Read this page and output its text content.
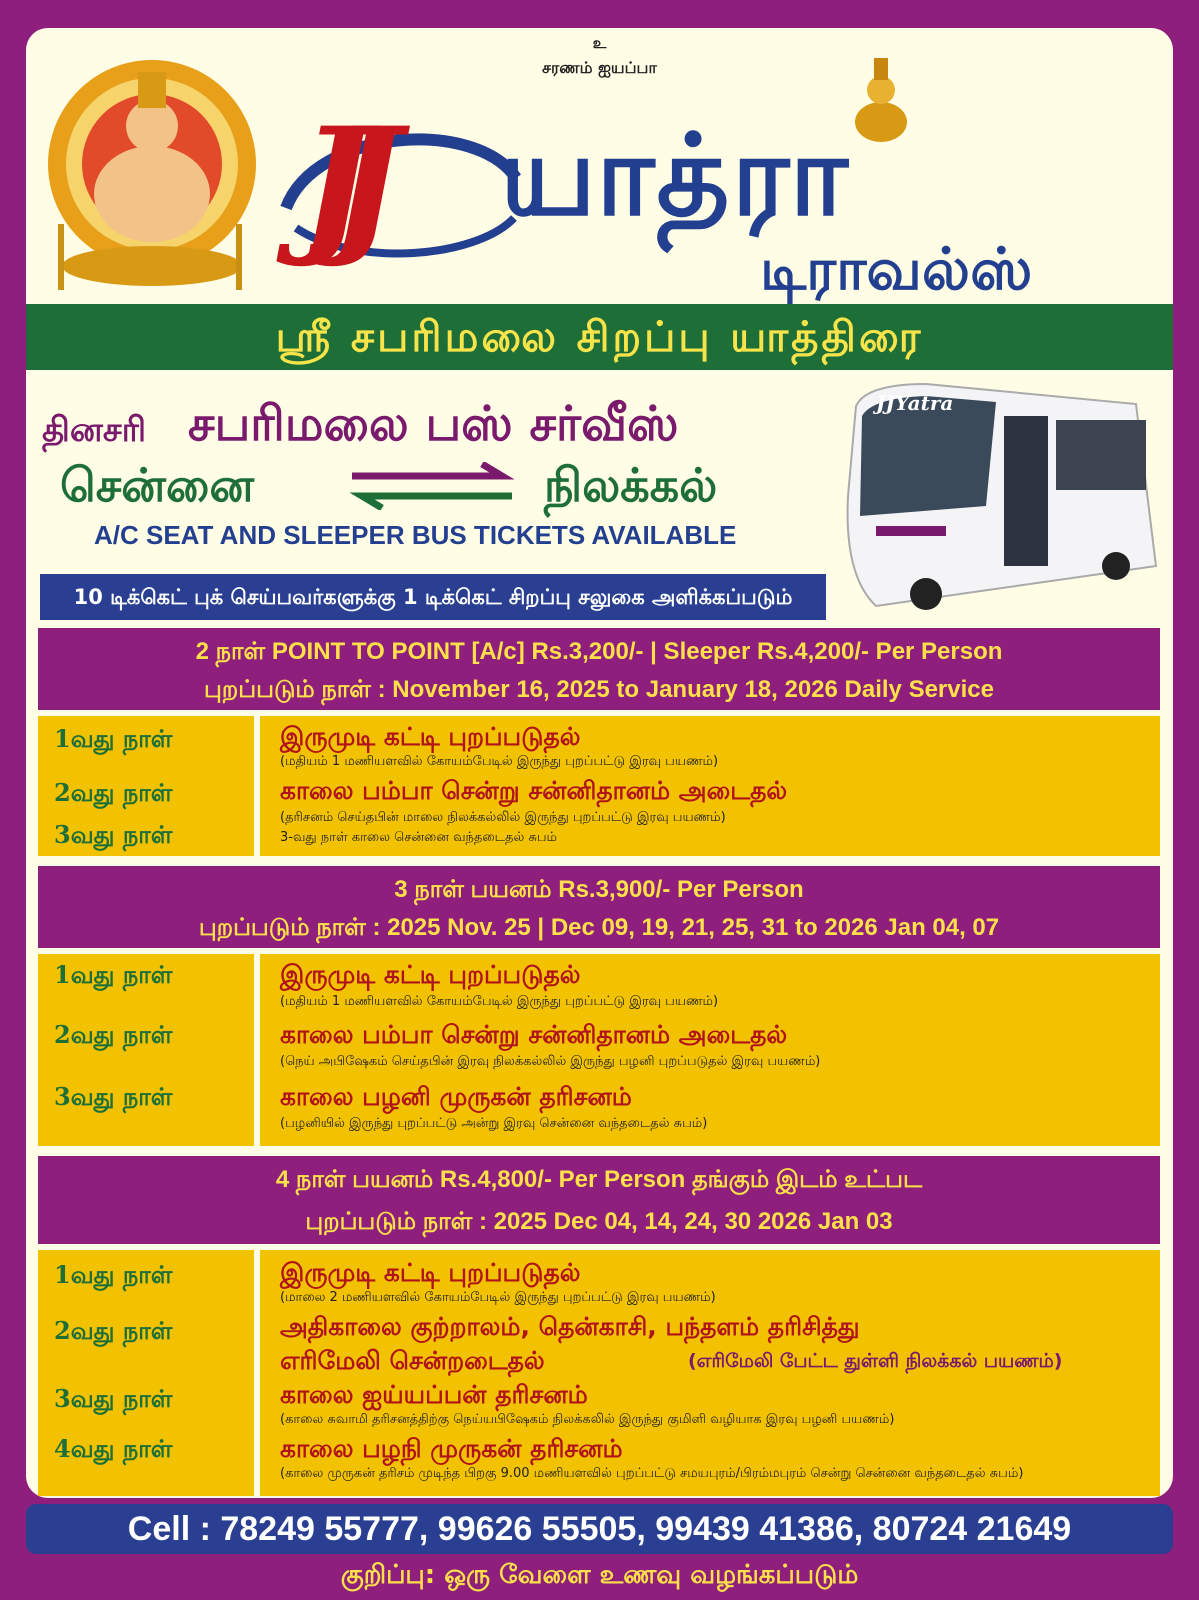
உ
சரணம் ஐயப்பா
JJ யாத்ரா
டிராவல்ஸ்
ஸ்ரீ சபரிமலை சிறப்பு யாத்திரை
தினசரி சபரிமலை பஸ் சர்வீஸ்
சென்னை	நிலக்கல்
A/C SEAT AND SLEEPER BUS TICKETS AVAILABLE
10 டிக்கெட் புக் செய்பவர்களுக்கு 1 டிக்கெட் சிறப்பு சலுகை அளிக்கப்படும்
JJYatra
2 நாள் POINT TO POINT [A/c] Rs.3,200/- | Sleeper Rs.4,200/- Per Person
புறப்படும் நாள் : November 16, 2025 to January 18, 2026 Daily Service
1வது நாள்
2வது நாள்
3வது நாள்
இருமுடி கட்டி புறப்படுதல்
(மதியம் 1 மணியளவில் கோயம்பேடில் இருந்து புறப்பட்டு இரவு பயணம்)
காலை பம்பா சென்று சன்னிதானம் அடைதல்
(தரிசனம் செய்தபின் மாலை நிலக்கல்லில் இருந்து புறப்பட்டு இரவு பயணம்)
3-வது நாள் காலை சென்னை வந்தடைதல் சுபம்
3 நாள் பயனம் Rs.3,900/- Per Person
புறப்படும் நாள் : 2025 Nov. 25 | Dec 09, 19, 21, 25, 31 to 2026 Jan 04, 07
1வது நாள்
2வது நாள்
3வது நாள்
இருமுடி கட்டி புறப்படுதல்
(மதியம் 1 மணியளவில் கோயம்பேடில் இருந்து புறப்பட்டு இரவு பயணம்)
காலை பம்பா சென்று சன்னிதானம் அடைதல்
(நெய் அபிஷேகம் செய்தபின் இரவு நிலக்கல்லில் இருந்து பழனி புறப்படுதல் இரவு பயணம்)
காலை பழனி முருகன் தரிசனம்
(பழனியில் இருந்து புறப்பட்டு அன்று இரவு சென்னை வந்தடைதல் சுபம்)
4 நாள் பயனம் Rs.4,800/- Per Person தங்கும் இடம் உட்பட
புறப்படும் நாள் : 2025 Dec 04, 14, 24, 30 2026 Jan 03
1வது நாள்
2வது நாள்
3வது நாள்
4வது நாள்
இருமுடி கட்டி புறப்படுதல்
(மாலை 2 மணியளவில் கோயம்பேடில் இருந்து புறப்பட்டு இரவு பயணம்)
அதிகாலை குற்றாலம், தென்காசி, பந்தளம் தரிசித்து
எரிமேலி சென்றடைதல்	(எரிமேலி பேட்ட துள்ளி நிலக்கல் பயணம்)
காலை ஐய்யப்பன் தரிசனம்
(காலை சுவாமி தரிசனத்திற்கு நெய்யபிஷேகம் நிலக்கலில் இருந்து குமிளி வழியாக இரவு பழனி பயணம்)
காலை பழநி முருகன் தரிசனம்
(காலை முருகன் தரிசம் முடிந்த பிறகு 9.00 மணியளவில் புறப்பட்டு சமயபுரம்/பிரம்மபுரம் சென்று சென்னை வந்தடைதல் சுபம்)
Cell : 78249 55777, 99626 55505, 99439 41386, 80724 21649
குறிப்பு: ஒரு வேளை உணவு வழங்கப்படும்
